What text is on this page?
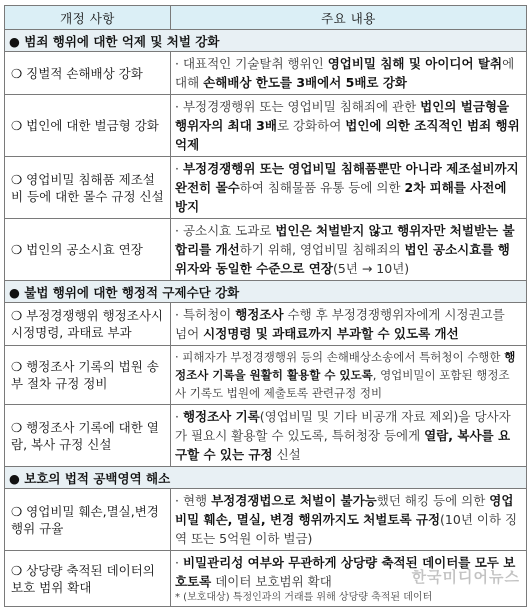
개정 사항	주요 내용
● 범죄 행위에 대한 억제 및 처벌 강화	
❍ 징벌적 손해배상 강화	· 대표적인 기술탈취 행위인 영업비밀 침해 및 아이디어 탈취에 대해 손해배상 한도를 3배에서 5배로 강화
❍ 법인에 대한 벌금형 강화	· 부정경쟁행위 또는 영업비밀 침해죄에 관한 법인의 벌금형을 행위자의 최대 3배로 강화하여 법인에 의한 조직적인 범죄 행위 억제
❍ 영업비밀 침해품 제조설비 등에 대한 몰수 규정 신설	· 부정경쟁행위 또는 영업비밀 침해품뿐만 아니라 제조설비까지 완전히 몰수하여 침해물품 유통 등에 의한 2차 피해를 사전에 방지
❍ 법인의 공소시효 연장	· 공소시효 도과로 법인은 처벌받지 않고 행위자만 처벌받는 불합리를 개선하기 위해, 영업비밀 침해죄의 법인 공소시효를 행위자와 동일한 수준으로 연장(5년 → 10년)
● 불법 행위에 대한 행정적 구제수단 강화	
❍ 부정경쟁행위 행정조사시 시정명령, 과태료 부과	· 특허청이 행정조사 수행 후 부정경쟁행위자에게 시정권고를 넘어 시정명령 및 과태료까지 부과할 수 있도록 개선
❍ 행정조사 기록의 법원 송부 절차 규정 정비	· 피해자가 부정경쟁행위 등의 손해배상소송에서 특허청이 수행한 행정조사 기록을 원활히 활용할 수 있도록, 영업비밀이 포함된 행정조사 기록도 법원에 제출토록 관련규정 정비
❍ 행정조사 기록에 대한 열람, 복사 규정 신설	· 행정조사 기록(영업비밀 및 기타 비공개 자료 제외)을 당사자가 필요시 활용할 수 있도록, 특허청장 등에게 열람, 복사를 요구할 수 있는 규정 신설
● 보호의 법적 공백영역 해소	
❍ 영업비밀 훼손,멸실,변경 행위 규율	· 현행 부정경쟁법으로 처벌이 불가능했던 해킹 등에 의한 영업비밀 훼손, 멸실, 변경 행위까지도 처벌토록 규정(10년 이하 징역 또는 5억원 이하 벌금)
❍ 상당량 축적된 데이터의 보호 범위 확대	· 비밀관리성 여부와 무관하게 상당량 축적된 데이터를 모두 보호토록 데이터 보호범위 확대
* (보호대상) 특정인과의 거래를 위해 상당량 축적된 데이터
한국미디어뉴스
